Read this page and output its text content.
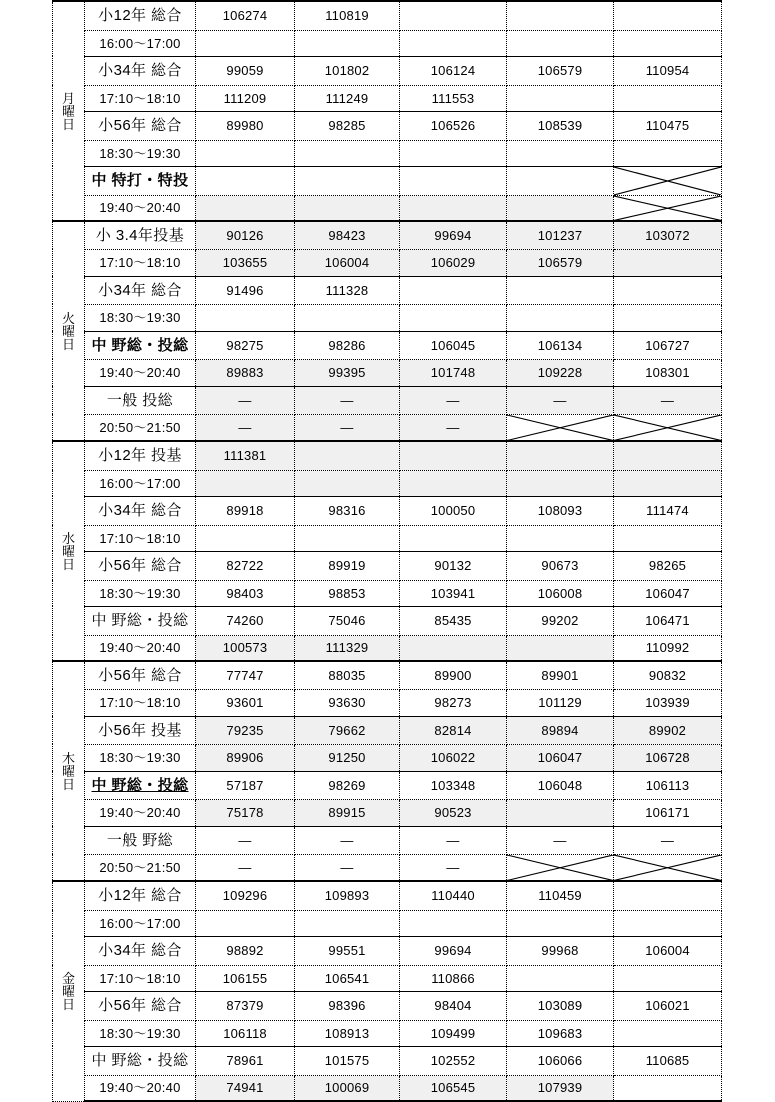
月
曜
日	小12年 総合	106274	110819			
	16:00～17:00					
	小34年 総合	99059	101802	106124	106579	110954
	17:10～18:10	111209	111249	111553		
	小56年 総合	89980	98285	106526	108539	110475
	18:30～19:30					
	中 特打・特投					

	19:40～20:40					

火
曜
日	小 3.4年投基	90126	98423	99694	101237	103072
	17:10～18:10	103655	106004	106029	106579	
	小34年 総合	91496	111328			
	18:30～19:30					
	中 野総・投総	98275	98286	106045	106134	106727
	19:40～20:40	89883	99395	101748	109228	108301
	一般 投総	—	—	—	—	—
	20:50～21:50	—	—	—	

水
曜
日	小12年 投基	111381				
	16:00～17:00					
	小34年 総合	89918	98316	100050	108093	111474
	17:10～18:10					
	小56年 総合	82722	89919	90132	90673	98265
	18:30～19:30	98403	98853	103941	106008	106047
	中 野総・投総	74260	75046	85435	99202	106471
	19:40～20:40	100573	111329			110992

木
曜
日	小56年 総合	77747	88035	89900	89901	90832
	17:10～18:10	93601	93630	98273	101129	103939
	小56年 投基	79235	79662	82814	89894	89902
	18:30～19:30	89906	91250	106022	106047	106728
	中 野総・投総	57187	98269	103348	106048	106113
	19:40～20:40	75178	89915	90523		106171
	一般 野総	—	—	—	—	—
	20:50～21:50	—	—	—	

金
曜
日	小12年 総合	109296	109893	110440	110459	
	16:00～17:00					
	小34年 総合	98892	99551	99694	99968	106004
	17:10～18:10	106155	106541	110866		
	小56年 総合	87379	98396	98404	103089	106021
	18:30～19:30	106118	108913	109499	109683	
	中 野総・投総	78961	101575	102552	106066	110685
	19:40～20:40	74941	100069	106545	107939	
